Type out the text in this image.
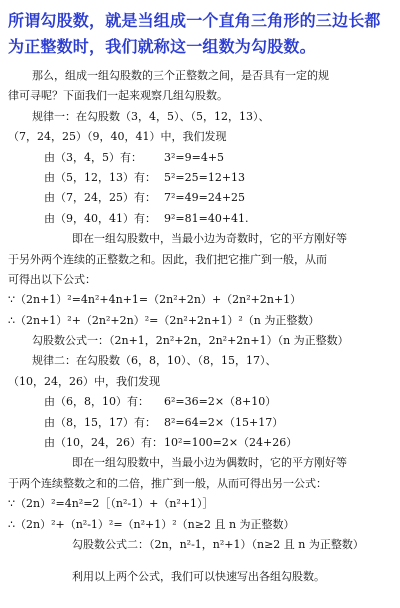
所谓勾股数，就是当组成一个直角三角形的三边长都为正整数时，我们就称这一组数为勾股数。
那么，组成一组勾股数的三个正整数之间，是否具有一定的规
律可寻呢？下面我们一起来观察几组勾股数。
规律一：在勾股数（3，4，5）、（5，12，13）、
（7，24，25）（9，40，41）中，我们发现
由（3，4，5）有： 3²=9=4+5
由（5，12，13）有： 5²=25=12+13
由（7，24，25）有： 7²=49=24+25
由（9，40，41）有： 9²=81=40+41.
即在一组勾股数中，当最小边为奇数时，它的平方刚好等
于另外两个连续的正整数之和。因此，我们把它推广到一般，从而
可得出以下公式：
∵（2n+1）²=4n²+4n+1=（2n²+2n）+（2n²+2n+1）
∴（2n+1）²+（2n²+2n）²=（2n²+2n+1）²（n 为正整数）
勾股数公式一：（2n+1，2n²+2n，2n²+2n+1）（n 为正整数）
规律二：在勾股数（6，8，10）、（8，15，17）、
（10，24，26）中，我们发现
由（6，8，10）有： 6²=36=2×（8+10）
由（8，15，17）有： 8²=64=2×（15+17）
由（10，24，26）有：10²=100=2×（24+26）
即在一组勾股数中，当最小边为偶数时，它的平方刚好等
于两个连续整数之和的二倍，推广到一般，从而可得出另一公式：
∵（2n）²=4n²=2［（n²-1）+（n²+1）］
∴（2n）²+（n²-1）²=（n²+1）²（n≥2 且 n 为正整数）
勾股数公式二：（2n，n²-1，n²+1）（n≥2 且 n 为正整数）
利用以上两个公式，我们可以快速写出各组勾股数。
